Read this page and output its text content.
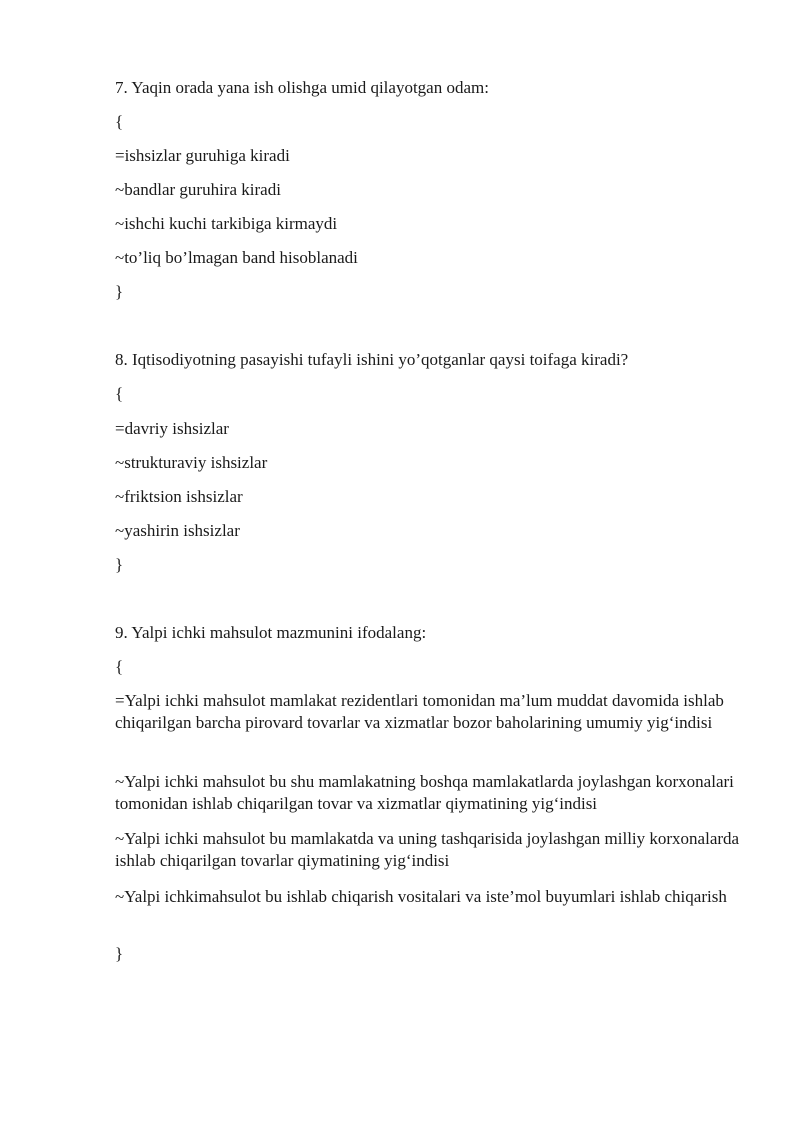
7. Yaqin orada yana ish olishga umid qilayotgan odam:
{
=ishsizlar guruhiga kiradi
~bandlar guruhira kiradi
~ishchi kuchi tarkibiga kirmaydi
~to’liq bo’lmagan band hisoblanadi
}
8. Iqtisodiyotning pasayishi tufayli ishini yo’qotganlar qaysi toifaga kiradi?
{
=davriy ishsizlar
~strukturaviy ishsizlar
~friktsion ishsizlar
~yashirin ishsizlar
}
9. Yalpi ichki mahsulot mazmunini ifodalang:
{
=Yalpi ichki mahsulot mamlakat rezidentlari tomonidan ma’lum muddat davomida ishlab chiqarilgan barcha pirovard tovarlar va xizmatlar bozor baholarining umumiy yig‘indisi
~Yalpi ichki mahsulot bu shu mamlakatning boshqa mamlakatlarda joylashgan korxonalari tomonidan ishlab chiqarilgan tovar va xizmatlar qiymatining yig‘indisi
~Yalpi ichki mahsulot bu mamlakatda va uning tashqarisida joylashgan milliy korxonalarda ishlab chiqarilgan tovarlar qiymatining yig‘indisi
~Yalpi ichkimahsulot bu ishlab chiqarish vositalari va iste’mol buyumlari ishlab chiqarish
}
